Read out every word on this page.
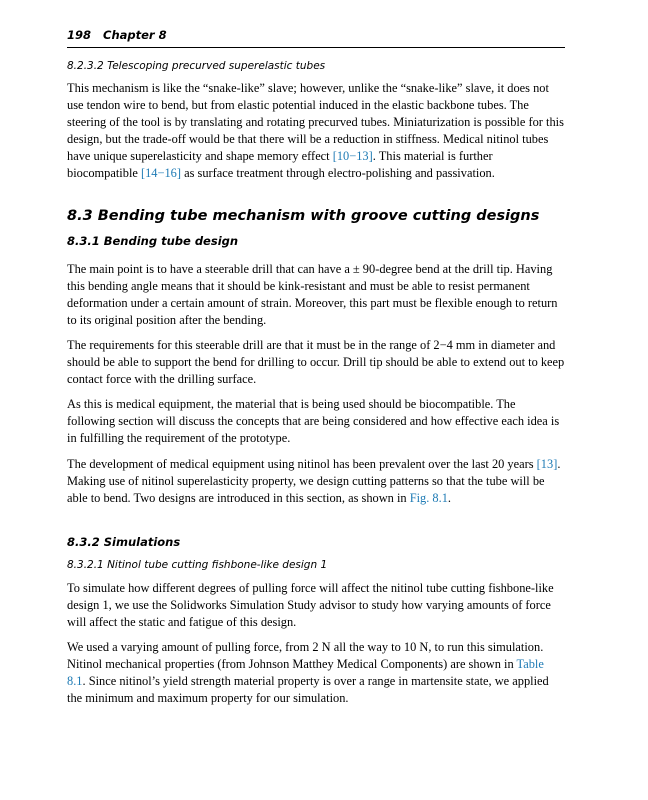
198 Chapter 8
8.2.3.2 Telescoping precurved superelastic tubes

This mechanism is like the “snake-like” slave; however, unlike the “snake-like” slave, it does not use tendon wire to bend, but from elastic potential induced in the elastic backbone tubes. The steering of the tool is by translating and rotating precurved tubes. Miniaturization is possible for this design, but the trade-off would be that there will be a reduction in stiffness. Medical nitinol tubes have unique superelasticity and shape memory effect [10−13]. This material is further biocompatible [14−16] as surface treatment through electro-polishing and passivation.

8.3 Bending tube mechanism with groove cutting designs
8.3.1 Bending tube design

The main point is to have a steerable drill that can have a ± 90-degree bend at the drill tip. Having this bending angle means that it should be kink-resistant and must be able to resist permanent deformation under a certain amount of strain. Moreover, this part must be flexible enough to return to its original position after the bending.

The requirements for this steerable drill are that it must be in the range of 2−4 mm in diameter and should be able to support the bend for drilling to occur. Drill tip should be able to extend out to keep contact force with the drilling surface.

As this is medical equipment, the material that is being used should be biocompatible. The following section will discuss the concepts that are being considered and how effective each idea is in fulfilling the requirement of the prototype.

The development of medical equipment using nitinol has been prevalent over the last 20 years [13]. Making use of nitinol superelasticity property, we design cutting patterns so that the tube will be able to bend. Two designs are introduced in this section, as shown in Fig. 8.1.

8.3.2 Simulations
8.3.2.1 Nitinol tube cutting fishbone-like design 1

To simulate how different degrees of pulling force will affect the nitinol tube cutting fishbone-like design 1, we use the Solidworks Simulation Study advisor to study how varying amounts of force will affect the static and fatigue of this design.

We used a varying amount of pulling force, from 2 N all the way to 10 N, to run this simulation. Nitinol mechanical properties (from Johnson Matthey Medical Components) are shown in Table 8.1. Since nitinol’s yield strength material property is over a range in martensite state, we applied the minimum and maximum property for our simulation.
